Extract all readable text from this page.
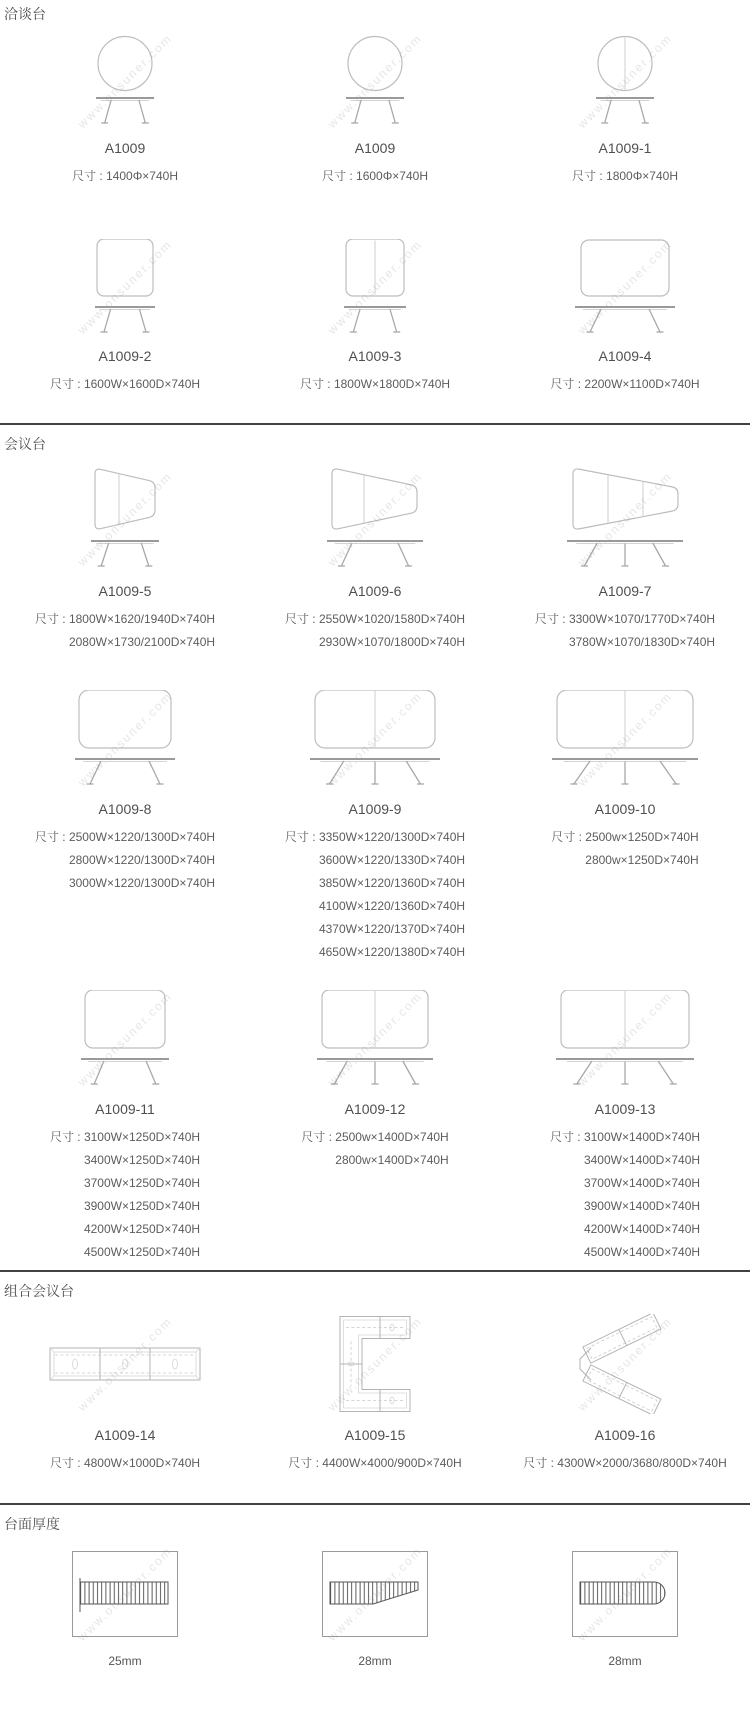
洽谈台
www.onsuner.com
A1009
尺寸 : 1400Φ×740H
www.onsuner.com
A1009
尺寸 : 1600Φ×740H
www.onsuner.com
A1009-1
尺寸 : 1800Φ×740H
www.onsuner.com
A1009-2
尺寸 : 1600W×1600D×740H
www.onsuner.com
A1009-3
尺寸 : 1800W×1800D×740H
www.onsuner.com
A1009-4
尺寸 : 2200W×1100D×740H
会议台
www.onsuner.com
A1009-5
尺寸 : 1800W×1620/1940D×740H
2080W×1730/2100D×740H
www.onsuner.com
A1009-6
尺寸 : 2550W×1020/1580D×740H
2930W×1070/1800D×740H
www.onsuner.com
A1009-7
尺寸 : 3300W×1070/1770D×740H
3780W×1070/1830D×740H
www.onsuner.com
A1009-8
尺寸 : 2500W×1220/1300D×740H
2800W×1220/1300D×740H
3000W×1220/1300D×740H
www.onsuner.com
A1009-9
尺寸 : 3350W×1220/1300D×740H
3600W×1220/1330D×740H
3850W×1220/1360D×740H
4100W×1220/1360D×740H
4370W×1220/1370D×740H
4650W×1220/1380D×740H
www.onsuner.com
A1009-10
尺寸 : 2500w×1250D×740H
2800w×1250D×740H
www.onsuner.com
A1009-11
尺寸 : 3100W×1250D×740H
3400W×1250D×740H
3700W×1250D×740H
3900W×1250D×740H
4200W×1250D×740H
4500W×1250D×740H
www.onsuner.com
A1009-12
尺寸 : 2500w×1400D×740H
2800w×1400D×740H
www.onsuner.com
A1009-13
尺寸 : 3100W×1400D×740H
3400W×1400D×740H
3700W×1400D×740H
3900W×1400D×740H
4200W×1400D×740H
4500W×1400D×740H
组合会议台
www.onsuner.com
A1009-14
尺寸 : 4800W×1000D×740H
www.onsuner.com
A1009-15
尺寸 : 4400W×4000/900D×740H
www.onsuner.com
A1009-16
尺寸 : 4300W×2000/3680/800D×740H
台面厚度
www.onsuner.com
25mm
www.onsuner.com
28mm
www.onsuner.com
28mm
